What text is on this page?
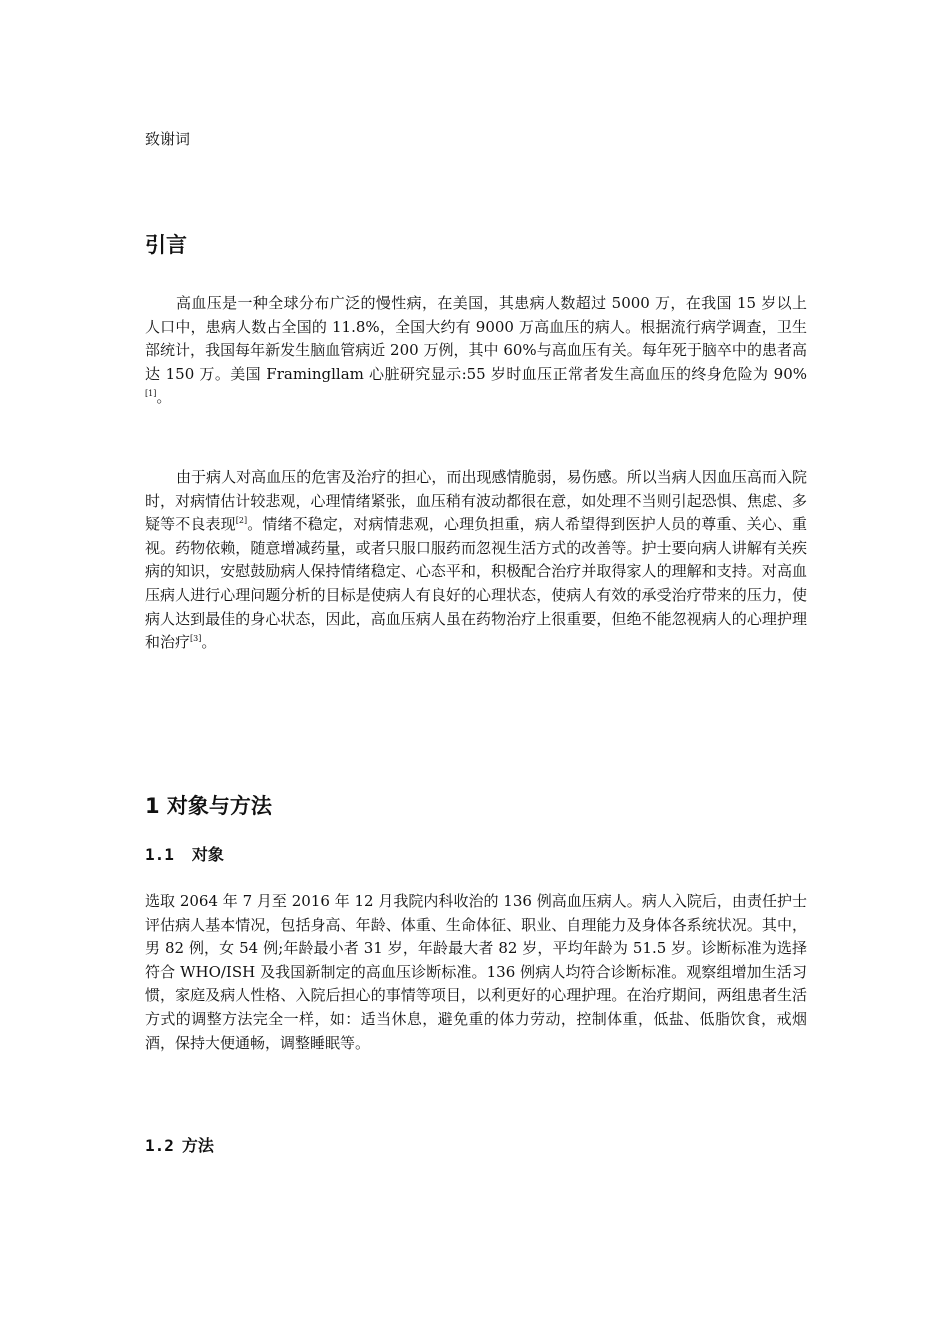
致谢词

引言

高血压是一种全球分布广泛的慢性病，在美国，其患病人数超过 5000 万，在我国 15 岁以上人口中，患病人数占全国的 11.8%，全国大约有 9000 万高血压的病人。根据流行病学调查，卫生部统计，我国每年新发生脑血管病近 200 万例，其中 60%与高血压有关。每年死于脑卒中的患者高达 150 万。美国 Framingllam 心脏研究显示:55 岁时血压正常者发生高血压的终身危险为 90%[1]。

由于病人对高血压的危害及治疗的担心，而出现感情脆弱，易伤感。所以当病人因血压高而入院时，对病情估计较悲观，心理情绪紧张，血压稍有波动都很在意，如处理不当则引起恐惧、焦虑、多疑等不良表现[2]。情绪不稳定，对病情悲观，心理负担重，病人希望得到医护人员的尊重、关心、重视。药物依赖，随意增减药量，或者只服口服药而忽视生活方式的改善等。护士要向病人讲解有关疾病的知识，安慰鼓励病人保持情绪稳定、心态平和，积极配合治疗并取得家人的理解和支持。对高血压病人进行心理问题分析的目标是使病人有良好的心理状态，使病人有效的承受治疗带来的压力，使病人达到最佳的身心状态，因此，高血压病人虽在药物治疗上很重要，但绝不能忽视病人的心理护理和治疗[3]。

1 对象与方法
1.1 对象

选取 2064 年 7 月至 2016 年 12 月我院内科收治的 136 例高血压病人。病人入院后，由责任护士评估病人基本情况，包括身高、年龄、体重、生命体征、职业、自理能力及身体各系统状况。其中，男 82 例，女 54 例;年龄最小者 31 岁，年龄最大者 82 岁，平均年龄为 51.5 岁。诊断标准为选择符合 WHO/ISH 及我国新制定的高血压诊断标准。136 例病人均符合诊断标准。观察组增加生活习惯，家庭及病人性格、入院后担心的事情等项目，以利更好的心理护理。在治疗期间，两组患者生活方式的调整方法完全一样，如：适当休息，避免重的体力劳动，控制体重，低盐、低脂饮食，戒烟酒，保持大便通畅，调整睡眠等。

1.2 方法
